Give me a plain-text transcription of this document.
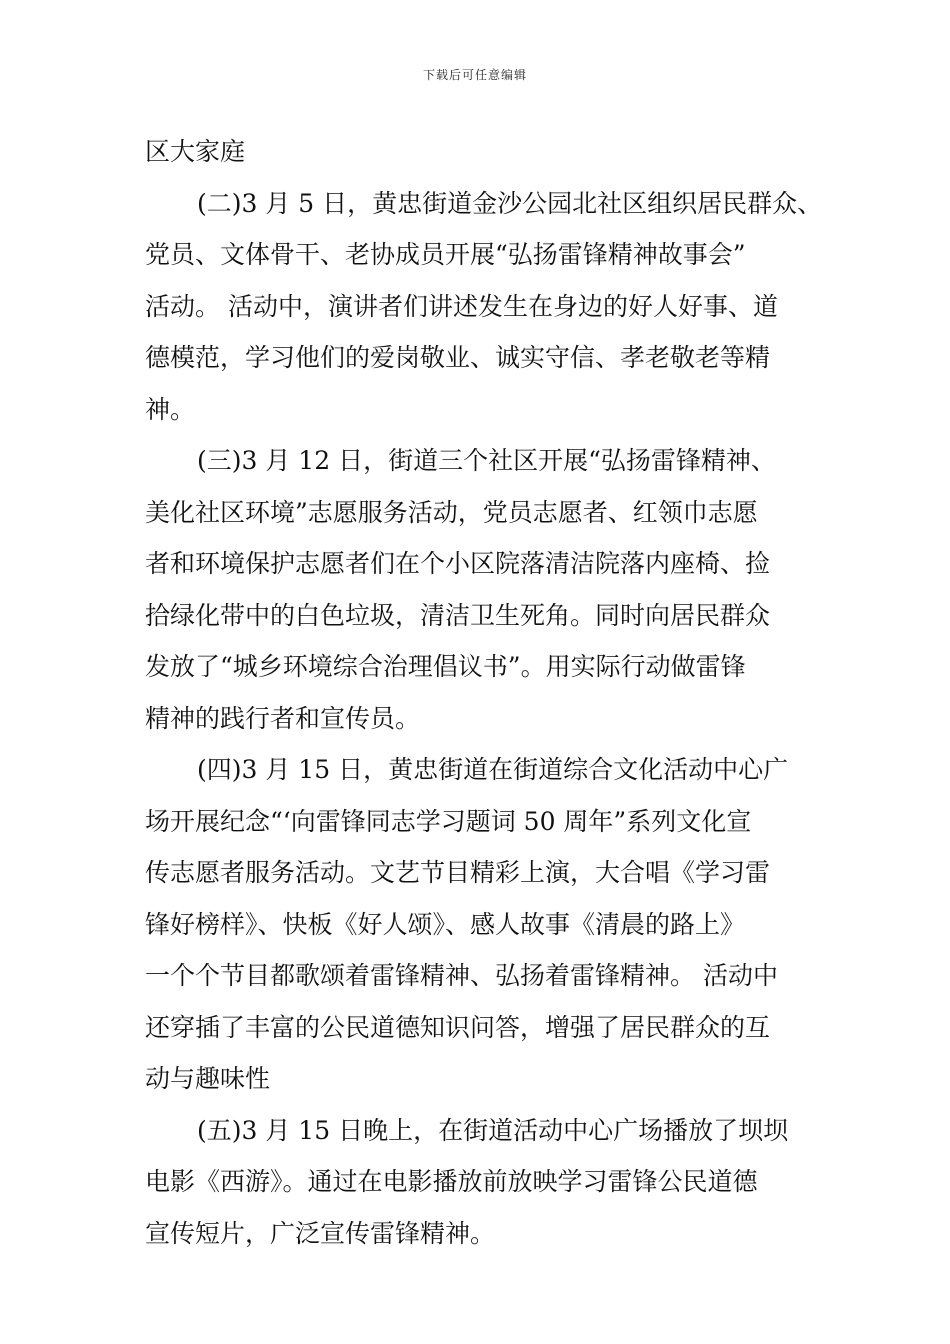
下载后可任意编辑
区大家庭
(二)3 月 5 日，黄忠街道金沙公园北社区组织居民群众、
党员、文体骨干、老协成员开展“弘扬雷锋精神故事会”
活动。 活动中，演讲者们讲述发生在身边的好人好事、道
德模范，学习他们的爱岗敬业、诚实守信、孝老敬老等精
神。
(三)3 月 12 日，街道三个社区开展“弘扬雷锋精神、
美化社区环境”志愿服务活动，党员志愿者、红领巾志愿
者和环境保护志愿者们在个小区院落清洁院落内座椅、捡
拾绿化带中的白色垃圾，清洁卫生死角。同时向居民群众
发放了“城乡环境综合治理倡议书”。用实际行动做雷锋
精神的践行者和宣传员。
(四)3 月 15 日，黄忠街道在街道综合文化活动中心广
场开展纪念“‘向雷锋同志学习题词 50 周年”系列文化宣
传志愿者服务活动。文艺节目精彩上演，大合唱《学习雷
锋好榜样》、快板《好人颂》、感人故事《清晨的路上》
一个个节目都歌颂着雷锋精神、弘扬着雷锋精神。 活动中
还穿插了丰富的公民道德知识问答，增强了居民群众的互
动与趣味性
(五)3 月 15 日晚上，在街道活动中心广场播放了坝坝
电影《西游》。通过在电影播放前放映学习雷锋公民道德
宣传短片，广泛宣传雷锋精神。
